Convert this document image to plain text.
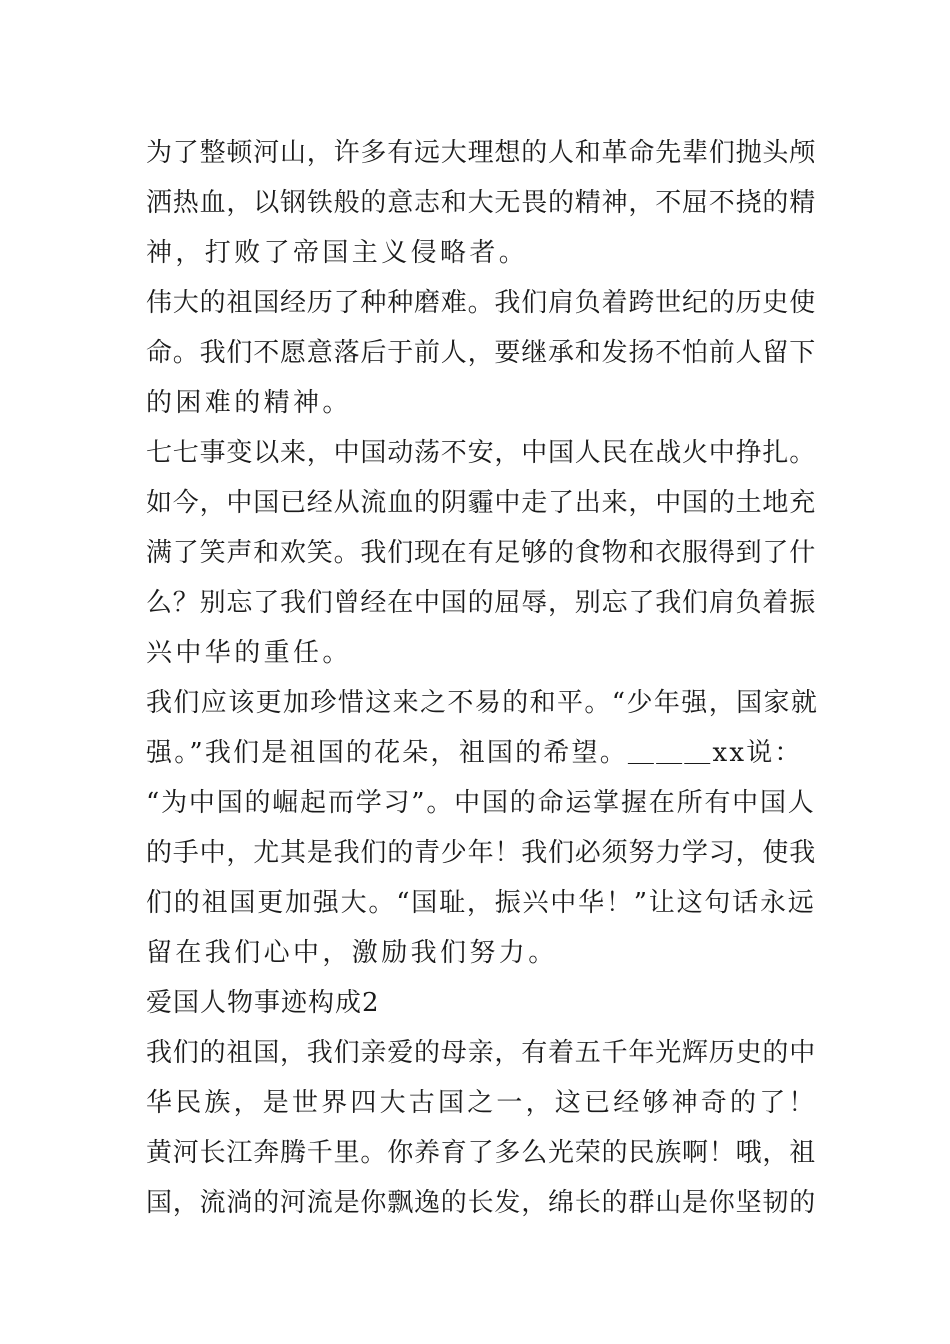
为了整顿河山，许多有远大理想的人和革命先辈们抛头颅
洒热血，以钢铁般的意志和大无畏的精神，不屈不挠的精
神，打败了帝国主义侵略者。
伟大的祖国经历了种种磨难。我们肩负着跨世纪的历史使
命。我们不愿意落后于前人，要继承和发扬不怕前人留下
的困难的精神。
七七事变以来，中国动荡不安，中国人民在战火中挣扎。
如今，中国已经从流血的阴霾中走了出来，中国的土地充
满了笑声和欢笑。我们现在有足够的食物和衣服得到了什
么？别忘了我们曾经在中国的屈辱，别忘了我们肩负着振
兴中华的重任。
我们应该更加珍惜这来之不易的和平。“少年强，国家就
强。”我们是祖国的花朵，祖国的希望。＿＿＿xx说：
“为中国的崛起而学习”。中国的命运掌握在所有中国人
的手中，尤其是我们的青少年！我们必须努力学习，使我
们的祖国更加强大。“国耻，振兴中华！”让这句话永远
留在我们心中，激励我们努力。
爱国人物事迹构成2
我们的祖国，我们亲爱的母亲，有着五千年光辉历史的中
华民族，是世界四大古国之一，这已经够神奇的了！
黄河长江奔腾千里。你养育了多么光荣的民族啊！哦，祖
国，流淌的河流是你飘逸的长发，绵长的群山是你坚韧的
